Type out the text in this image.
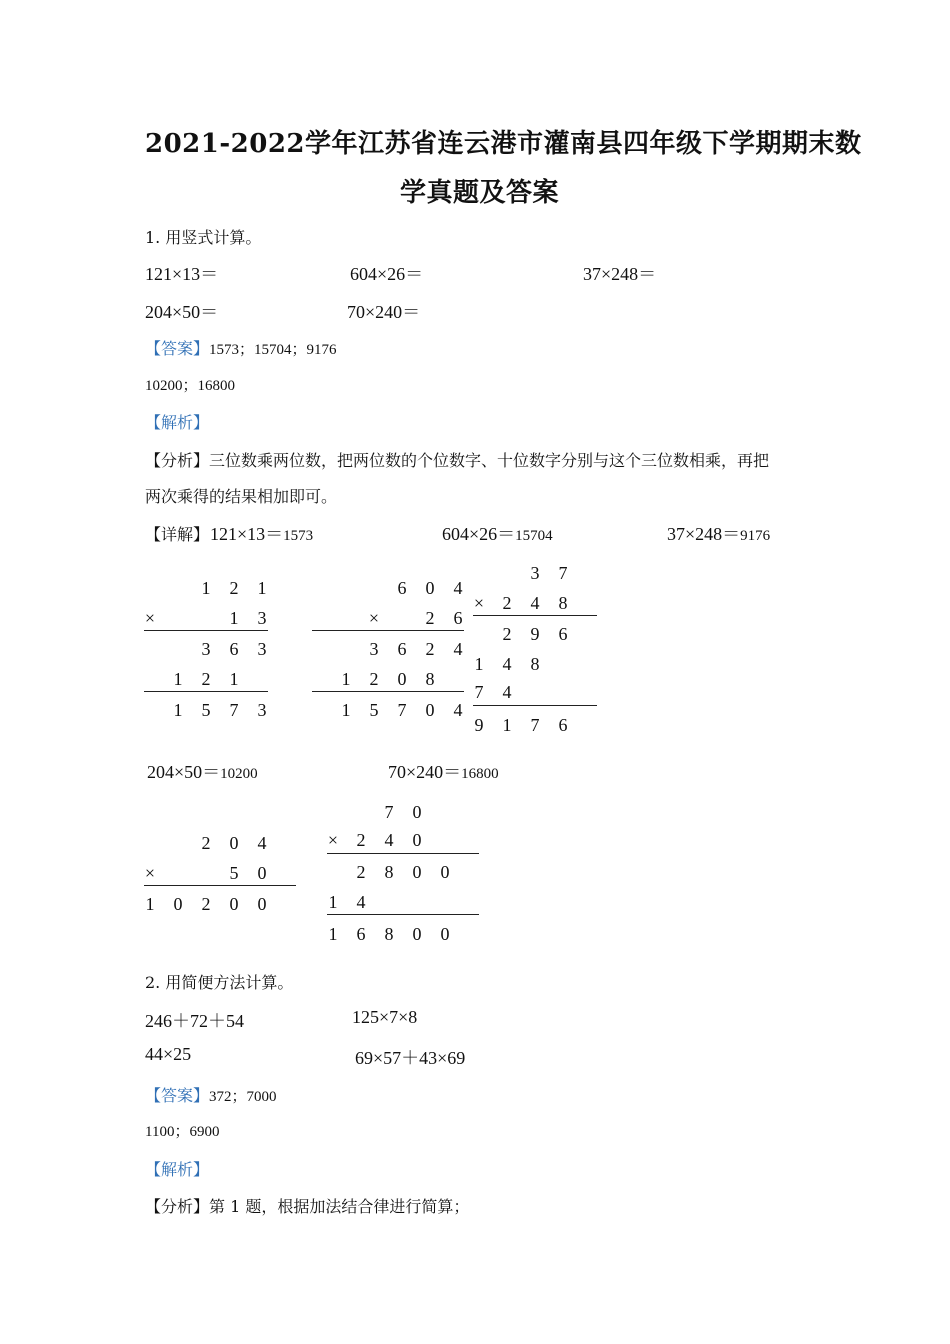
2021-2022学年江苏省连云港市灌南县四年级下学期期末数
学真题及答案
1. 用竖式计算。
121×13＝	604×26＝	37×248＝
204×50＝	70×240＝
【答案】1573；15704；9176
10200；16800
【解析】
【分析】三位数乘两位数，把两位数的个位数字、十位数字分别与这个三位数相乘，再把
两次乘得的结果相加即可。
【详解】 121×13＝1573	604×26＝15704	37×248＝9176
1	2	1
×	1	3
3	6	3
1	2	1
1	5	7	3
6	0	4
×	2	6
3	6	2	4
1	2	0	8
1	5	7	0	4
3	7
×	2	4	8
2	9	6
1	4	8
7	4
9	1	7	6
204×50＝10200	70×240＝16800
2	0	4
×	5	0
1	0	2	0	0
7	0
×	2	4	0
2	8	0	0
1	4
1	6	8	0	0
2. 用简便方法计算。
246＋72＋54	125×7×8
44×25	69×57＋43×69
【答案】372；7000
1100；6900
【解析】
【分析】第 1 题，根据加法结合律进行简算；
